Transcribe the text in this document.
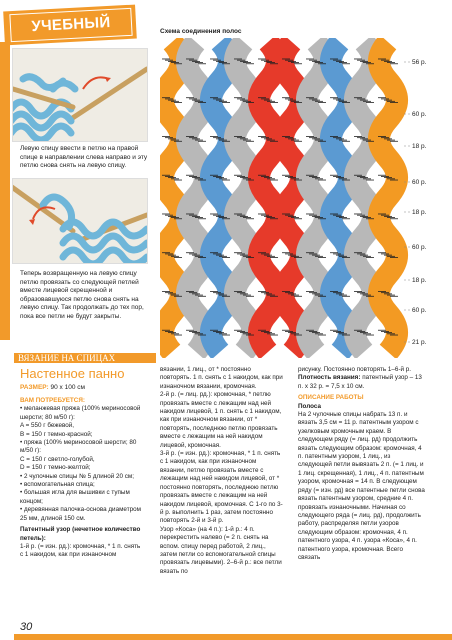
УЧЕБНЫЙ
Левую спицу ввести в петлю на правой спице в направлении слева направо и эту петлю снова снять на левую спицу.
Теперь возвращенную на левую спицу петлю провязать со следующей петлей вместе лицевой скрещенной и образовавшуюся петлю снова снять на левую спицу. Так продолжать до тех пор, пока все петли не будут закрыты.
ВЯЗАНИЕ НА СПИЦАХ
Настенное панно
РАЗМЕР: 90 х 100 см
ВАМ ПОТРЕБУЕТСЯ:
• меланжевая пряжа (100% мериносовой шерсти; 80 м/50 г):
A = 550 г бежевой,
B = 150 г темно-красной;
• пряжа (100% мериносовой шерсти; 80 м/50 г):
C = 150 г светло-голубой,
D = 150 г темно-желтой;
• 2 чулочные спицы № 5 длиной 20 см;
• вспомогательная спица;
• большая игла для вышивки с тупым концом;
• деревянная палочка-основа диаметром 25 мм, длиной 150 см.
Патентный узор (нечетное количество петель):
1-й р. (= изн. рд.): кромочная, * 1 п. снять с 1 накидом, как при изнаночном
вязании, 1 лиц., от * постоянно повторять. 1 п. снять с 1 накидом, как при изнаночном вязании, кромочная.
2-й р. (= лиц. рд.): кромочная, * петлю провязать вместе с лежащим над ней накидом лицевой, 1 п. снять с 1 накидом, как при изнаночном вязании, от * повторять, последнюю петлю провязать вместе с лежащим на ней накидом лицевой, кромочная.
3-й р. (= изн. рд.): кромочная, * 1 п. снять с 1 накидом, как при изнаночном вязании, петлю провязать вместе с лежащим над ней накидом лицевой, от * постоянно повторять, последнюю петлю провязать вместе с лежащим на ней накидом лицевой, кромочная. С 1-го по 3-й р. выполнить 1 раз, затем постоянно повторять 2-й и 3-й р.
Узор «Коса» (на 4 п.): 1-й р.: 4 п. перекрестить налево (= 2 п. снять на вспом. спицу перед работой, 2 лиц., затем петли со вспомогательной спицы провязать лицевыми). 2–6-й р.: все петли вязать по
рисунку. Постоянно повторять 1–6-й р.
Плотность вязания: патентный узор – 13 п. х 32 р. = 7,5 х 10 см.
ОПИСАНИЕ РАБОТЫ
Полоса
На 2 чулочные спицы набрать 13 п. и вязать 3,5 см = 11 р. патентным узором с узелковым кромочным краем. В следующем ряду (= лиц. рд) продолжить вязать следующим образом: кромочная, 4 п. патентным узором, 1 лиц., из следующей петли вывязать 2 п. (= 1 лиц. и 1 лиц. скрещенная), 1 лиц., 4 п. патентным узором, кромочная = 14 п. В следующем ряду (= изн. рд) все патентные петли снова вязать патентным узором, средние 4 п. провязать изнаночными. Начиная со следующего ряда (= лиц. рд), продолжить работу, распределяя петли узоров следующим образом: кромочная, 4 п. патентного узора, 4 п. узора «Коса», 4 п. патентного узора, кромочная. Всего связать
Схема соединения полос
56 р.
60 р.
18 р.
60 р.
18 р.
60 р.
18 р.
60 р.
21 р.
30
